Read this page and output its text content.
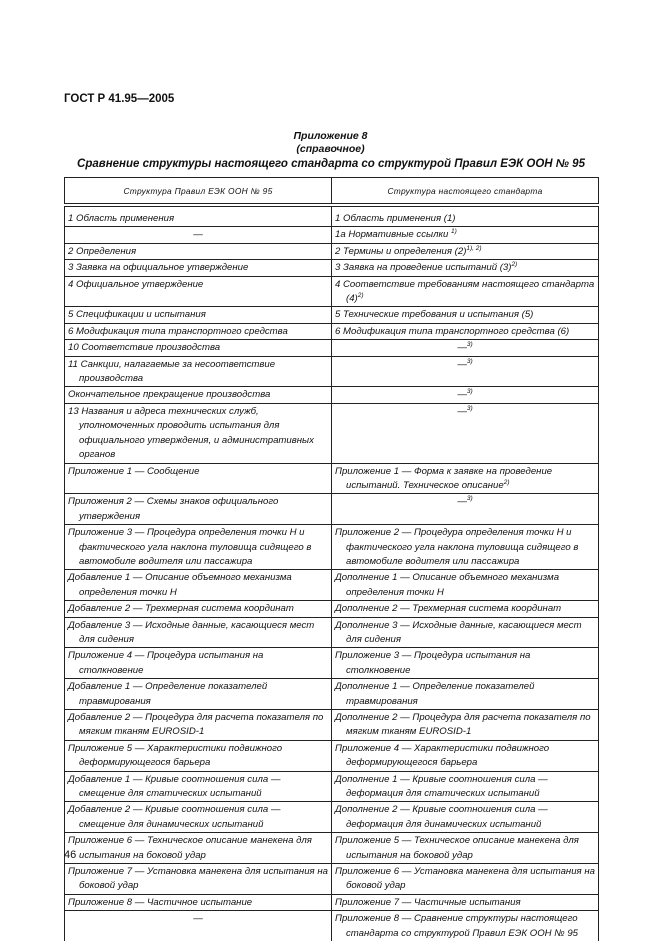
ГОСТ Р 41.95—2005
Приложение 8
(справочное)
Сравнение структуры настоящего стандарта со структурой Правил ЕЭК ООН № 95
Структура Правил ЕЭК ООН № 95	Структура настоящего стандарта

1 Область применения	1 Область применения (1)

—	1а Нормативные ссылки $^{1)}$

2 Определения	2 Термины и определения $(2)^{1), 2)}$

3 Заявка на официальное утверждение	3 Заявка на проведение испытаний $(3)^{2)}$

4 Официальное утверждение	4 Соответствие требованиям настоящего стандарта $(4)^{2)}$

5 Спецификации и испытания	5 Технические требования и испытания (5)

6 Модификация типа транспортного средства	6 Модификация типа транспортного средства (6)

10 Соответствие производства	—$^{3)}$

11 Санкции, налагаемые за несоответствие производства	—$^{3)}$

Окончательное прекращение производства	—$^{3)}$

13 Названия и адреса технических служб, уполномоченных проводить испытания для официального утверждения, и административных органов	—$^{3)}$

Приложение 1 — Сообщение	Приложение 1 — Форма к заявке на проведение испытаний. Техническое описание$^{2)}$

Приложения 2 — Схемы знаков официального утверждения	—$^{3)}$

Приложение 3 — Процедура определения точки Н и фактического угла наклона туловища сидящего в автомобиле водителя или пассажира	Приложение 2 — Процедура определения точки Н и фактического угла наклона туловища сидящего в автомобиле водителя или пассажира

Добавление 1 — Описание объемного механизма определения точки Н	Дополнение 1 — Описание объемного механизма определения точки Н

Добавление 2 — Трехмерная система координат	Дополнение 2 — Трехмерная система координат

Добавление 3 — Исходные данные, касающиеся мест для сидения	Дополнение 3 — Исходные данные, касающиеся мест для сидения

Приложение 4 — Процедура испытания на столкновение	Приложение 3 — Процедура испытания на столкновение

Добавление 1 — Определение показателей травмирования	Дополнение 1 — Определение показателей травмирования

Добавление 2 — Процедура для расчета показателя по мягким тканям EUROSID-1	Дополнение 2 — Процедура для расчета показателя по мягким тканям EUROSID-1

Приложение 5 — Характеристики подвижного деформирующегося барьера	Приложение 4 — Характеристики подвижного деформирующегося барьера

Добавление 1 — Кривые соотношения сила — смещение для статических испытаний	Дополнение 1 — Кривые соотношения сила — деформация для статических испытаний

Добавление 2 — Кривые соотношения сила — смещение для динамических испытаний	Дополнение 2 — Кривые соотношения сила — деформация для динамических испытаний

Приложение 6 — Техническое описание манекена для испытания на боковой удар	Приложение 5 — Техническое описание манекена для испытания на боковой удар

Приложение 7 — Установка манекена для испытания на боковой удар	Приложение 6 — Установка манекена для испытания на боковой удар

Приложение 8 — Частичное испытание	Приложение 7 — Частичные испытания

—	Приложение 8 — Сравнение структуры настоящего стандарта со структурой Правил ЕЭК ООН № 95
46
